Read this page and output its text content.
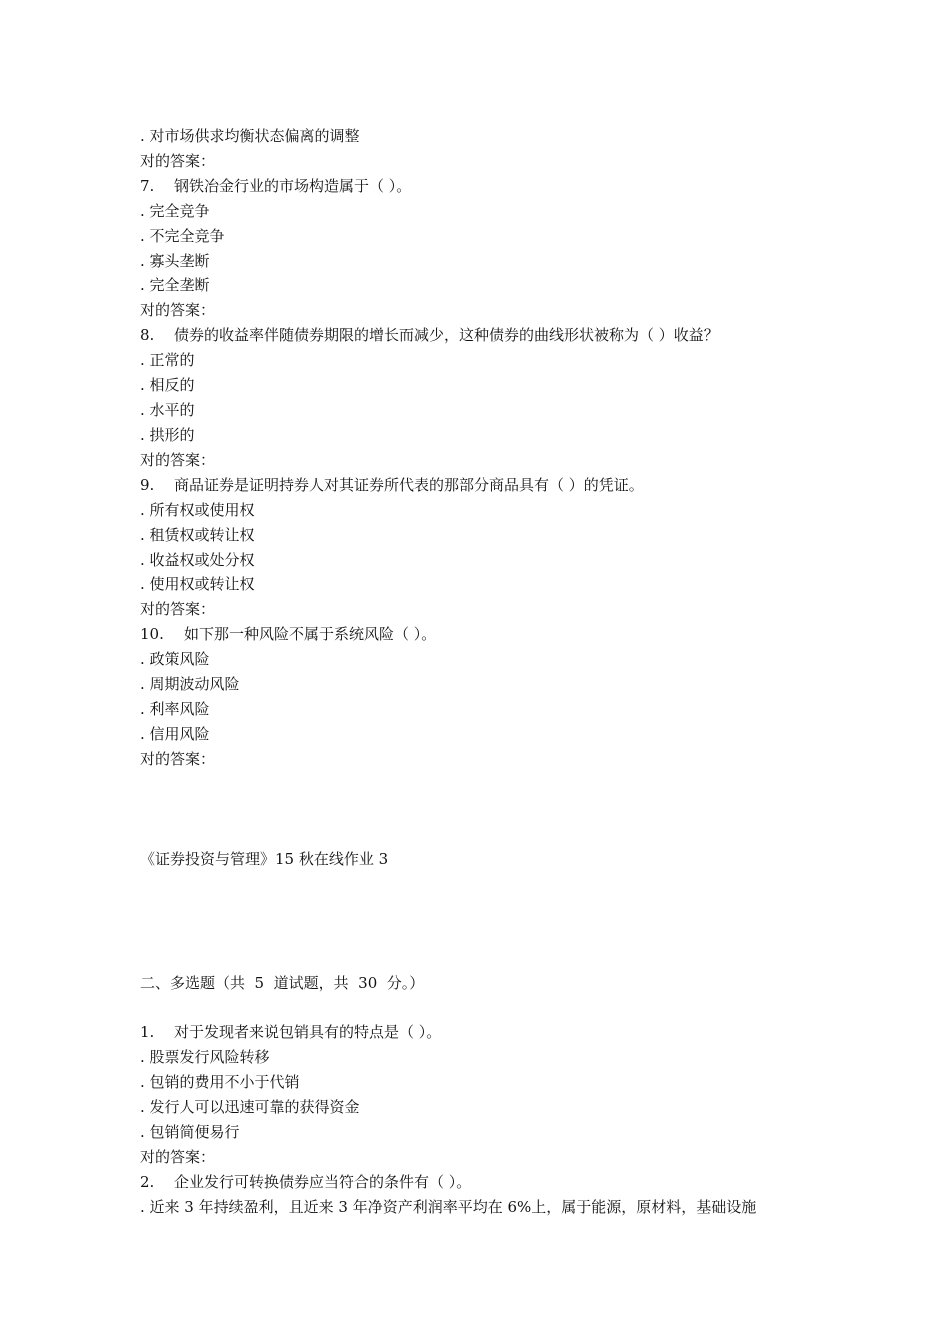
. 对市场供求均衡状态偏离的调整

对的答案：

7. 钢铁冶金行业的市场构造属于（ ）。

. 完全竞争

. 不完全竞争

. 寡头垄断

. 完全垄断

对的答案：

8. 债券的收益率伴随债券期限的增长而减少，这种债券的曲线形状被称为（ ）收益？

. 正常的

. 相反的

. 水平的

. 拱形的

对的答案：

9. 商品证券是证明持券人对其证券所代表的那部分商品具有（ ）的凭证。

. 所有权或使用权

. 租赁权或转让权

. 收益权或处分权

. 使用权或转让权

对的答案：

10. 如下那一种风险不属于系统风险（ ）。

. 政策风险

. 周期波动风险

. 利率风险

. 信用风险

对的答案：

《证券投资与管理》15 秋在线作业 3

二、多选题（共  5  道试题，共  30  分。）

1. 对于发现者来说包销具有的特点是（ ）。

. 股票发行风险转移

. 包销的费用不小于代销

. 发行人可以迅速可靠的获得资金

. 包销简便易行

对的答案：

2. 企业发行可转换债券应当符合的条件有（ ）。

. 近来 3 年持续盈利，且近来 3 年净资产利润率平均在 6%上，属于能源，原材料，基础设施
